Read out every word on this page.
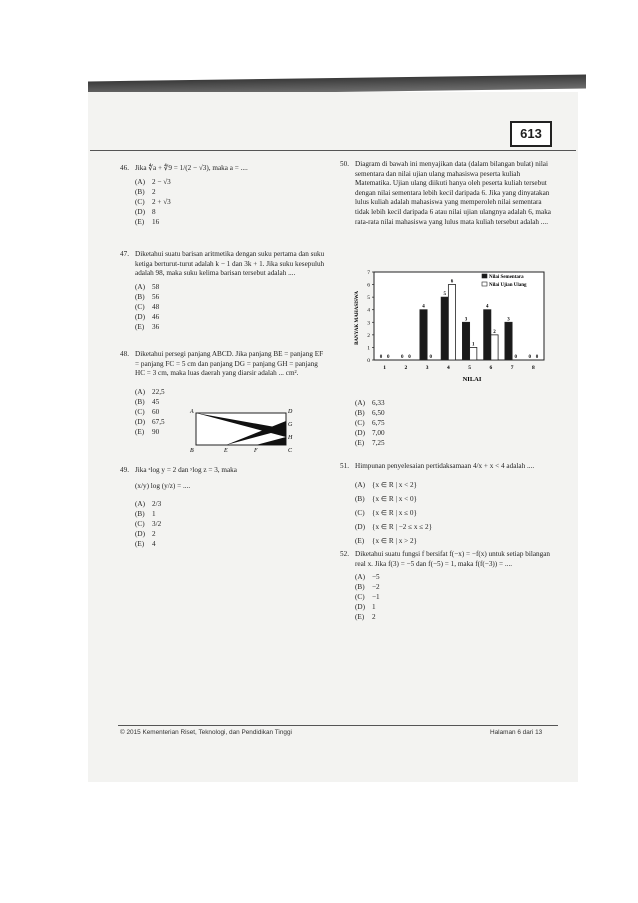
613
46. Jika ∜a + ∜9 = 1/(2 − √3), maka a = ....
(A) 2 − √3
(B)	2
(C)	2 + √3
(D) 8
(E)	16
47. Diketahui suatu barisan aritmetika dengan suku pertama dan suku ketiga berturut-turut adalah k − 1 dan 3k + 1. Jika suku kesepuluh adalah 98, maka suku kelima barisan tersebut adalah ....
(A) 58
(B)	56
(C)	48
(D) 46
(E)	36
48. Diketahui persegi panjang ABCD. Jika panjang BE = panjang EF = panjang FC = 5 cm dan panjang DG = panjang GH = panjang HC = 3 cm, maka luas daerah yang diarsir adalah ... cm².
(A) 22,5
(B)	45
(C)	60
(D) 67,5
(E)	90
A
B	C
D
E	F
G
H
49. Jika ˣlog y = 2 dan ʸlog z = 3, maka
(x/y) log (y/z) = ....
(A) 2/3
(B)	1
(C)	3/2
(D) 2
(E)	4
50. Diagram di bawah ini menyajikan data (dalam bilangan bulat) nilai sementara dan nilai ujian ulang mahasiswa peserta kuliah Matematika. Ujian ulang diikuti hanya oleh peserta kuliah tersebut dengan nilai sementara lebih kecil daripada 6. Jika yang dinyatakan lulus kuliah adalah mahasiswa yang memperoleh nilai sementara tidak lebih kecil daripada 6 atau nilai ujian ulangnya adalah 6, maka rata-rata nilai mahasiswa yang lulus mata kuliah tersebut adalah ....
0
1
2
3
4
5
6
7
1
0 0
2
0 0
3
4
0
4
5
6
5
3
1
6
4
2
7
3
0
8
0 0
Nilai Sementara
Nilai Ujian Ulang
NILAI
BANYAK MAHASISWA
(A) 6,33
(B)	6,50
(C)	6,75
(D) 7,00
(E)	7,25
51. Himpunan penyelesaian pertidaksamaan 4/x + x < 4 adalah ....
(A) {x ∈ R | x < 2}
(B)	{x ∈ R | x < 0}
(C)	{x ∈ R | x ≤ 0}
(D) {x ∈ R | −2 ≤ x ≤ 2}
(E)	{x ∈ R | x > 2}
52. Diketahui suatu fungsi f bersifat f(−x) = −f(x) untuk setiap bilangan real x. Jika f(3) = −5 dan f(−5) = 1, maka f(f(−3)) = ....
(A) −5
(B)	−2
(C)	−1
(D) 1
(E)	2
© 2015 Kementerian Riset, Teknologi, dan Pendidikan Tinggi	Halaman 6 dari 13
